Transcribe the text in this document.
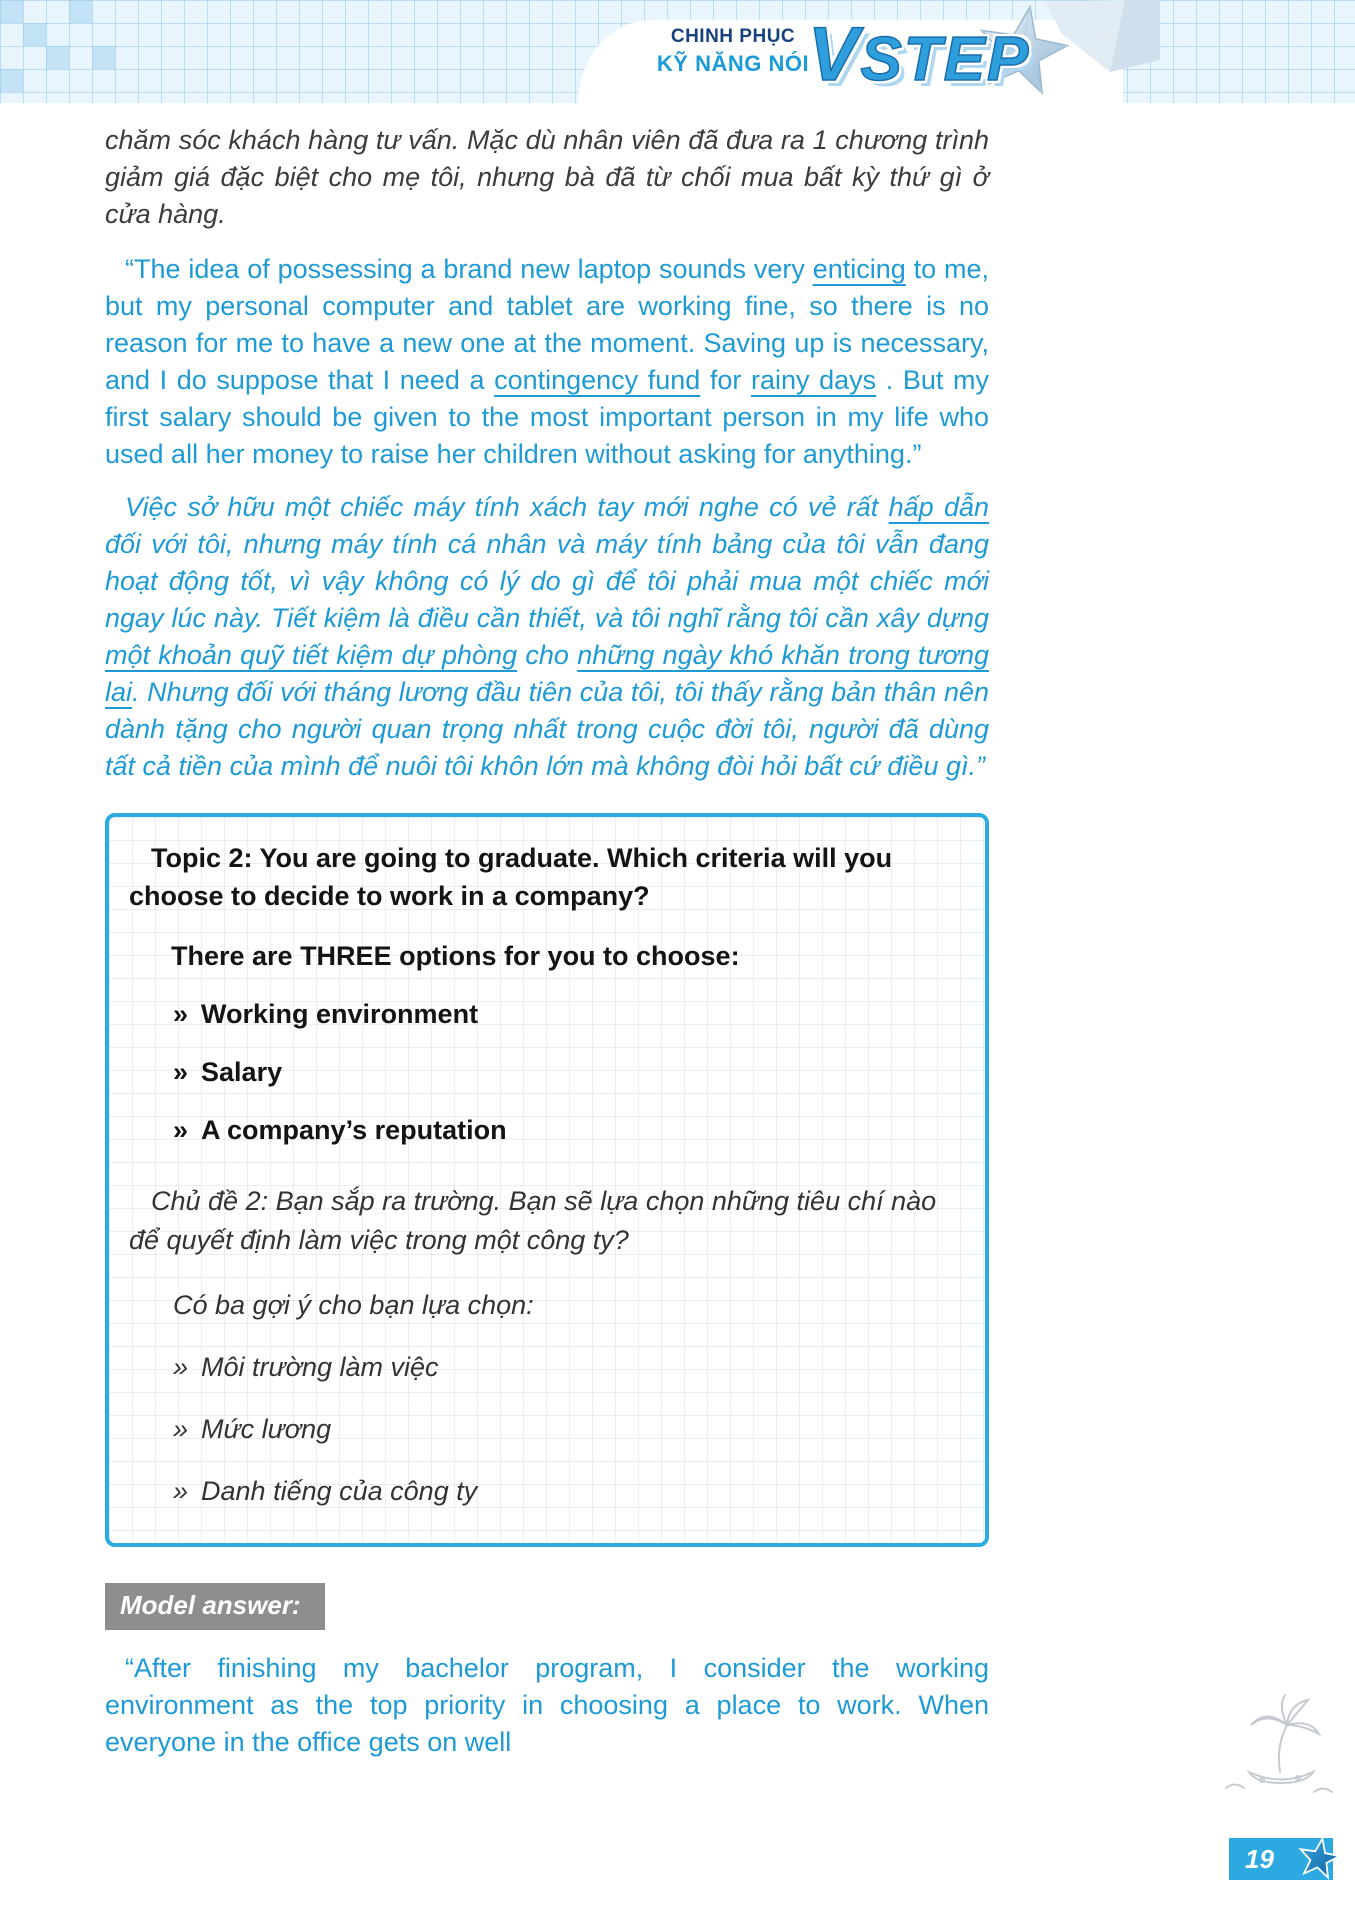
CHINH PHỤC
KỸ NĂNG NÓI
VSTEP

chăm sóc khách hàng tư vấn. Mặc dù nhân viên đã đưa ra 1 chương trình giảm giá đặc biệt cho mẹ tôi, nhưng bà đã từ chối mua bất kỳ thứ gì ở cửa hàng.

“The idea of possessing a brand new laptop sounds very enticing to me, but my personal computer and tablet are working fine, so there is no reason for me to have a new one at the moment. Saving up is necessary, and I do suppose that I need a contingency fund for rainy days . But my first salary should be given to the most important person in my life who used all her money to raise her children without asking for anything.”

Việc sở hữu một chiếc máy tính xách tay mới nghe có vẻ rất hấp dẫn đối với tôi, nhưng máy tính cá nhân và máy tính bảng của tôi vẫn đang hoạt động tốt, vì vậy không có lý do gì để tôi phải mua một chiếc mới ngay lúc này. Tiết kiệm là điều cần thiết, và tôi nghĩ rằng tôi cần xây dựng một khoản quỹ tiết kiệm dự phòng cho những ngày khó khăn trong tương lai. Nhưng đối với tháng lương đầu tiên của tôi, tôi thấy rằng bản thân nên dành tặng cho người quan trọng nhất trong cuộc đời tôi, người đã dùng tất cả tiền của mình để nuôi tôi khôn lớn mà không đòi hỏi bất cứ điều gì.”

Topic 2: You are going to graduate. Which criteria will you choose to decide to work in a company?

There are THREE options for you to choose:

» Working environment
» Salary
» A company’s reputation

Chủ đề 2: Bạn sắp ra trường. Bạn sẽ lựa chọn những tiêu chí nào để quyết định làm việc trong một công ty?

Có ba gợi ý cho bạn lựa chọn:

» Môi trường làm việc
» Mức lương
» Danh tiếng của công ty
Model answer:

“After finishing my bachelor program, I consider the working environment as the top priority in choosing a place to work. When everyone in the office gets on well

19
